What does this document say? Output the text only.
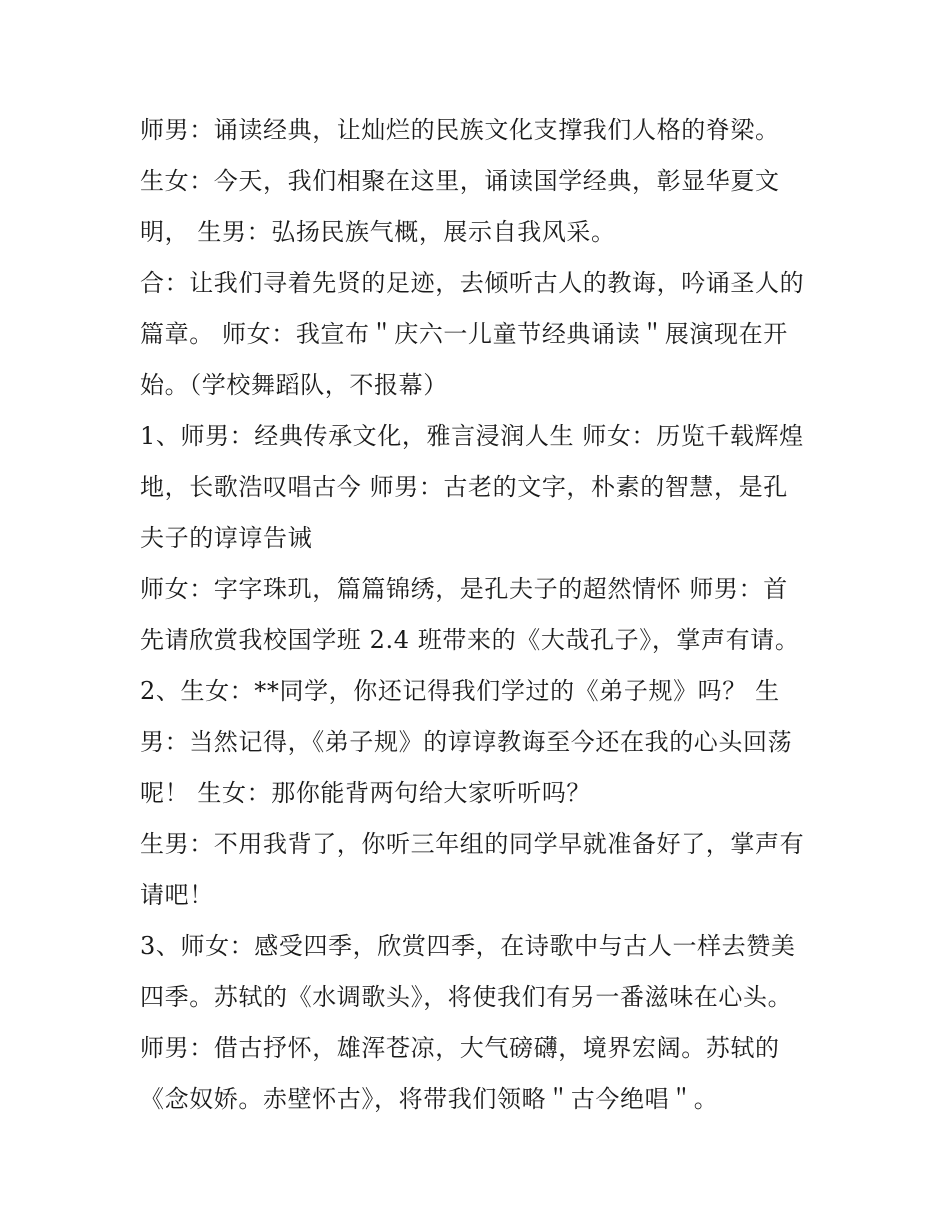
师男：诵读经典，让灿烂的民族文化支撑我们人格的脊梁。
生女：今天，我们相聚在这里，诵读国学经典，彰显华夏文
明， 生男：弘扬民族气概，展示自我风采。
合：让我们寻着先贤的足迹，去倾听古人的教诲，吟诵圣人的
篇章。 师女：我宣布＂庆六一儿童节经典诵读＂展演现在开
始。（学校舞蹈队，不报幕）
1、师男：经典传承文化，雅言浸润人生 师女：历览千载辉煌
地，长歌浩叹唱古今 师男：古老的文字，朴素的智慧，是孔
夫子的谆谆告诫
师女：字字珠玑，篇篇锦绣，是孔夫子的超然情怀 师男：首
先请欣赏我校国学班 2.4 班带来的《大哉孔子》，掌声有请。
2、生女：**同学，你还记得我们学过的《弟子规》吗？ 生
男：当然记得，《弟子规》的谆谆教诲至今还在我的心头回荡
呢！ 生女：那你能背两句给大家听听吗？
生男：不用我背了，你听三年组的同学早就准备好了，掌声有
请吧！
3、师女：感受四季，欣赏四季，在诗歌中与古人一样去赞美
四季。苏轼的《水调歌头》，将使我们有另一番滋味在心头。
师男：借古抒怀，雄浑苍凉，大气磅礴，境界宏阔。苏轼的
《念奴娇。赤壁怀古》，将带我们领略＂古今绝唱＂。
